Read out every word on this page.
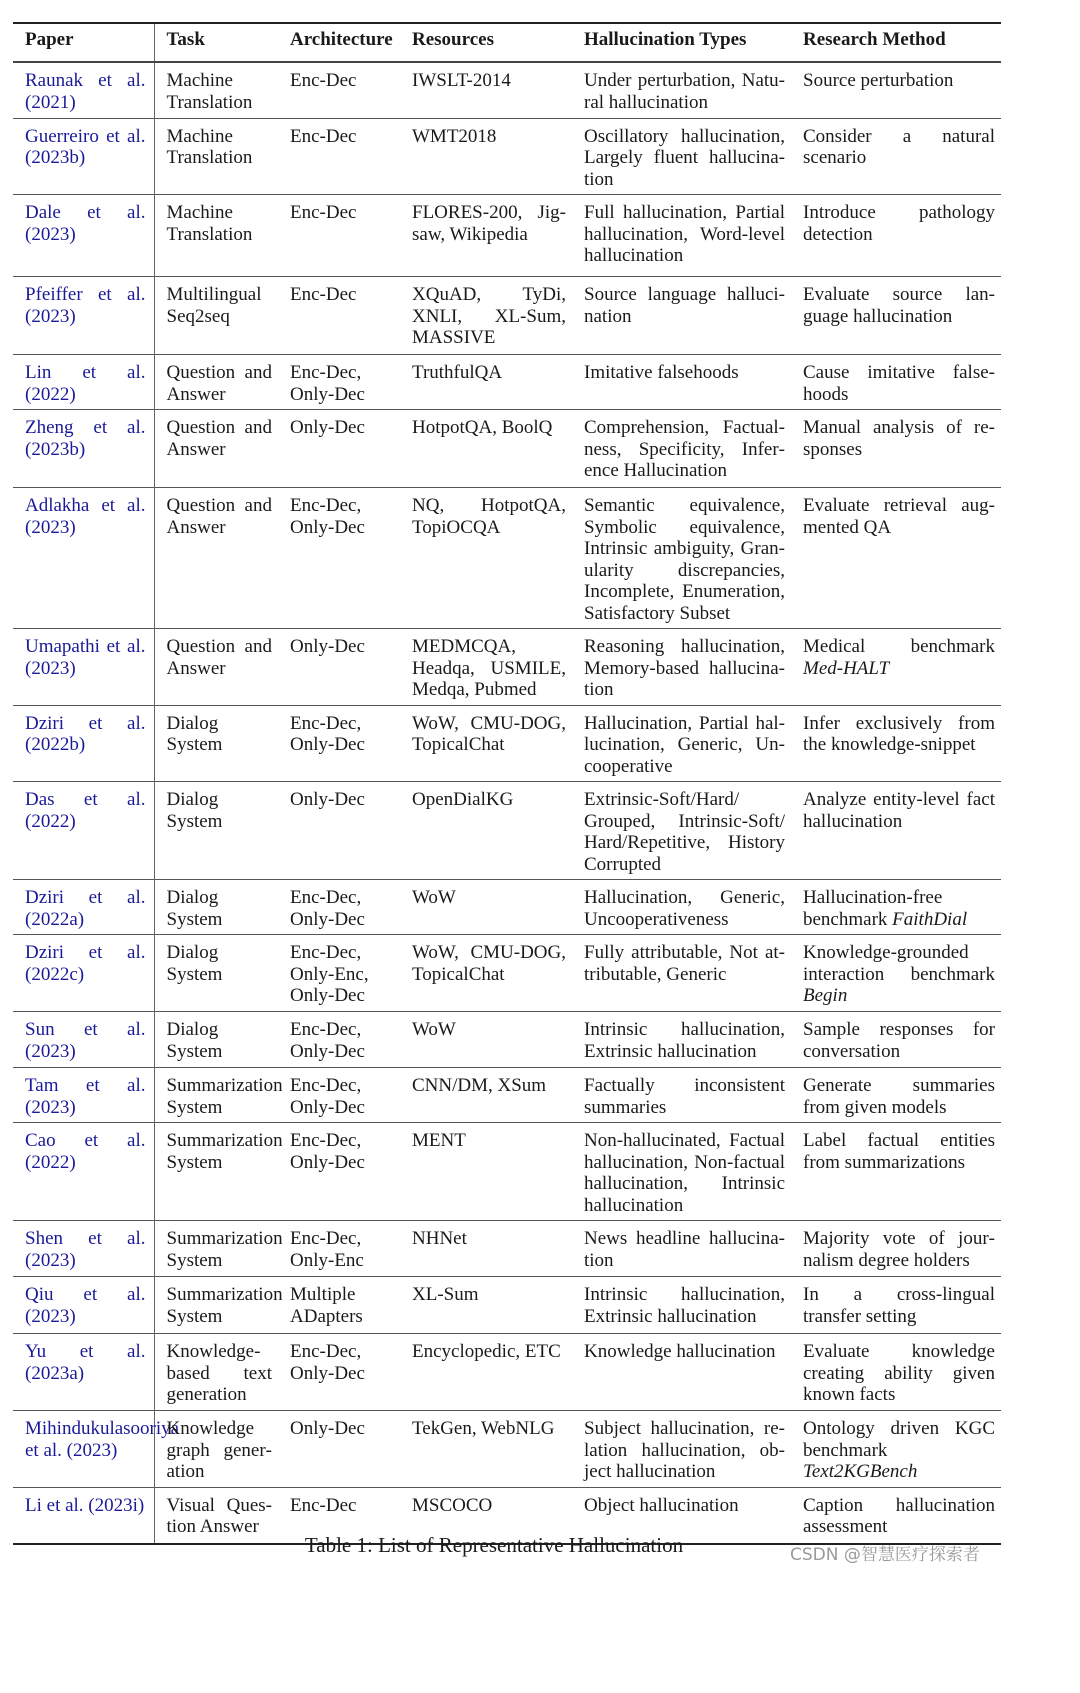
Paper	Task	Architecture	Resources	Hallucination Types	Research Method
Raunak et al. (2021)	Machine Translation	Enc-Dec	IWSLT-2014	Under perturbation, Natural hallucination	Source perturbation
Guerreiro et al. (2023b)	Machine Translation	Enc-Dec	WMT2018	Oscillatory hallucination, Largely fluent hallucination	Consider a natural scenario
Dale et al. (2023)	Machine Translation	Enc-Dec	FLORES-200, Jigsaw, Wikipedia	Full hallucination, Partial hallucination, Word-level hallucination	Introduce pathology detection
Pfeiffer et al. (2023)	Multilingual Seq2seq	Enc-Dec	XQuAD, TyDi, XNLI, XL-Sum, MASSIVE	Source language hallucination	Evaluate source language hallucination
Lin et al. (2022)	Question and Answer	Enc-Dec, Only-Dec	TruthfulQA	Imitative falsehoods	Cause imitative falsehoods
Zheng et al. (2023b)	Question and Answer	Only-Dec	HotpotQA, BoolQ	Comprehension, Factualness, Specificity, Inference Hallucination	Manual analysis of responses
Adlakha et al. (2023)	Question and Answer	Enc-Dec, Only-Dec	NQ, HotpotQA, TopiOCQA	Semantic equivalence, Symbolic equivalence, Intrinsic ambiguity, Granularity discrepancies, Incomplete, Enumeration, Satisfactory Subset	Evaluate retrieval augmented QA
Umapathi et al. (2023)	Question and Answer	Only-Dec	MEDMCQA, Headqa, USMILE, Medqa, Pubmed	Reasoning hallucination, Memory-based hallucination	Medical benchmark Med-HALT
Dziri et al. (2022b)	Dialog System	Enc-Dec, Only-Dec	WoW, CMU-DOG, TopicalChat	Hallucination, Partial hallucination, Generic, Uncooperative	Infer exclusively from the knowledge-snippet
Das et al. (2022)	Dialog System	Only-Dec	OpenDialKG	Extrinsic-Soft/Hard/ Grouped, Intrinsic-Soft/ Hard/Repetitive, History Corrupted	Analyze entity-level fact hallucination
Dziri et al. (2022a)	Dialog System	Enc-Dec, Only-Dec	WoW	Hallucination, Generic, Uncooperativeness	Hallucination-free benchmark FaithDial
Dziri et al. (2022c)	Dialog System	Enc-Dec, Only-Enc, Only-Dec	WoW, CMU-DOG, TopicalChat	Fully attributable, Not attributable, Generic	Knowledge-grounded interaction benchmark Begin
Sun et al. (2023)	Dialog System	Enc-Dec, Only-Dec	WoW	Intrinsic hallucination, Extrinsic hallucination	Sample responses for conversation
Tam et al. (2023)	Summarization System	Enc-Dec, Only-Dec	CNN/DM, XSum	Factually inconsistent summaries	Generate summaries from given models
Cao et al. (2022)	Summarization System	Enc-Dec, Only-Dec	MENT	Non-hallucinated, Factual hallucination, Non-factual hallucination, Intrinsic hallucination	Label factual entities from summarizations
Shen et al. (2023)	Summarization System	Enc-Dec, Only-Enc	NHNet	News headline hallucination	Majority vote of journalism degree holders
Qiu et al. (2023)	Summarization System	Multiple ADapters	XL-Sum	Intrinsic hallucination, Extrinsic hallucination	In a cross-lingual transfer setting
Yu et al. (2023a)	Knowledge-based text generation	Enc-Dec, Only-Dec	Encyclopedic, ETC	Knowledge hallucination	Evaluate knowledge creating ability given known facts
Mihindukulasooriya et al. (2023)	Knowledge graph generation	Only-Dec	TekGen, WebNLG	Subject hallucination, relation hallucination, object hallucination	Ontology driven KGC benchmark Text2KGBench
Li et al. (2023i)	Visual Question Answer	Enc-Dec	MSCOCO	Object hallucination	Caption hallucination assessment
Table 1: List of Representative Hallucination	CSDN @智慧医疗探索者
